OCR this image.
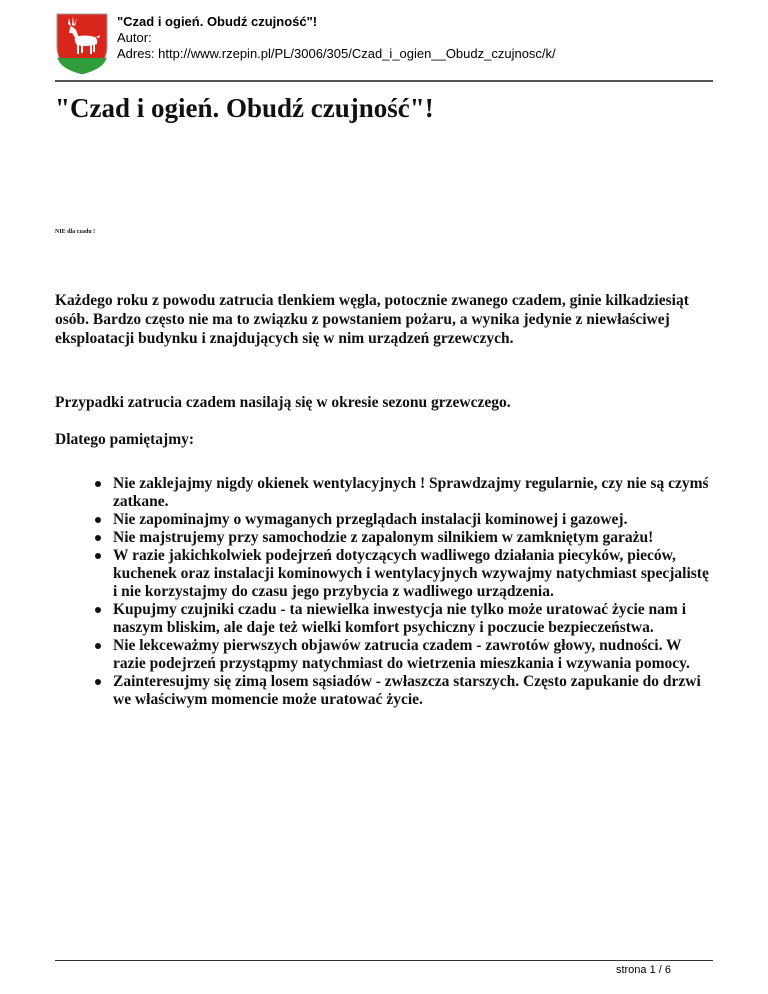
"Czad i ogień. Obudź czujność"!
Autor:
Adres: http://www.rzepin.pl/PL/3006/305/Czad_i_ogien__Obudz_czujnosc/k/
"Czad i ogień. Obudź czujność"!
NIE dla czadu !

Każdego roku z powodu zatrucia tlenkiem węgla, potocznie zwanego czadem, ginie kilkadziesiąt osób. Bardzo często nie ma to związku z powstaniem pożaru, a wynika jedynie z niewłaściwej eksploatacji budynku i znajdujących się w nim urządzeń grzewczych.

Przypadki zatrucia czadem nasilają się w okresie sezonu grzewczego.

Dlatego pamiętajmy:

Nie zaklejajmy nigdy okienek wentylacyjnych ! Sprawdzajmy regularnie, czy nie są czymś zatkane.
Nie zapominajmy o wymaganych przeglądach instalacji kominowej i gazowej.
Nie majstrujemy przy samochodzie z zapalonym silnikiem w zamkniętym garażu!
W razie jakichkolwiek podejrzeń dotyczących wadliwego działania piecyków, pieców, kuchenek oraz instalacji kominowych i wentylacyjnych wzywajmy natychmiast specjalistę i nie korzystajmy do czasu jego przybycia z wadliwego urządzenia.
Kupujmy czujniki czadu - ta niewielka inwestycja nie tylko może uratować życie nam i naszym bliskim, ale daje też wielki komfort psychiczny i poczucie bezpieczeństwa.
Nie lekceważmy pierwszych objawów zatrucia czadem - zawrotów głowy, nudności. W razie podejrzeń przystąpmy natychmiast do wietrzenia mieszkania i wzywania pomocy.
Zainteresujmy się zimą losem sąsiadów - zwłaszcza starszych. Często zapukanie do drzwi we właściwym momencie może uratować życie.
strona 1 / 6
